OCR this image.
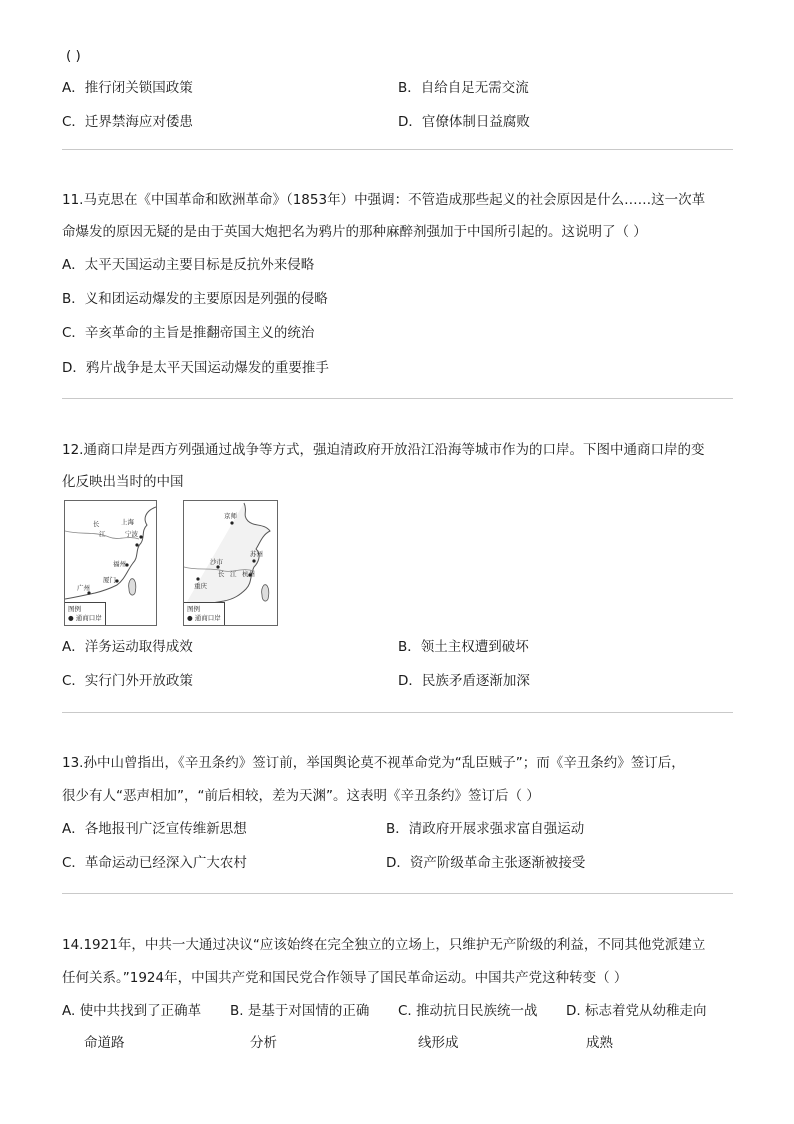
( )
A．推行闭关锁国政策	B．自给自足无需交流
C．迁界禁海应对倭患	D．官僚体制日益腐败
11.马克思在《中国革命和欧洲革命》（1853年）中强调：不管造成那些起义的社会原因是什么……这一次革
命爆发的原因无疑的是由于英国大炮把名为鸦片的那种麻醉剂强加于中国所引起的。这说明了（ ）
A．太平天国运动主要目标是反抗外来侵略
B．义和团运动爆发的主要原因是列强的侵略
C．辛亥革命的主旨是推翻帝国主义的统治
D．鸦片战争是太平天国运动爆发的重要推手
12.通商口岸是西方列强通过战争等方式，强迫清政府开放沿江沿海等城市作为的口岸。下图中通商口岸的变
化反映出当时的中国
长
江
上海
宁波
福州
厦门
广州
图例
● 通商口岸
京师
苏州
沙市
长 江 杭州
重庆
图例
● 通商口岸
A．洋务运动取得成效	B．领土主权遭到破坏
C．实行门外开放政策	D．民族矛盾逐渐加深
13.孙中山曾指出，《辛丑条约》签订前，举国舆论莫不视革命党为“乱臣贼子”；而《辛丑条约》签订后，
很少有人“恶声相加”，“前后相较，差为天渊”。这表明《辛丑条约》签订后（ ）
A．各地报刊广泛宣传维新思想	B．清政府开展求强求富自强运动
C．革命运动已经深入广大农村	D．资产阶级革命主张逐渐被接受
14.1921年，中共一大通过决议“应该始终在完全独立的立场上，只维护无产阶级的利益，不同其他党派建立
任何关系。”1924年，中国共产党和国民党合作领导了国民革命运动。中国共产党这种转变（ ）
A. 使中共找到了正确革
命道路
B. 是基于对国情的正确
分析
C. 推动抗日民族统一战
线形成
D. 标志着党从幼稚走向
成熟
